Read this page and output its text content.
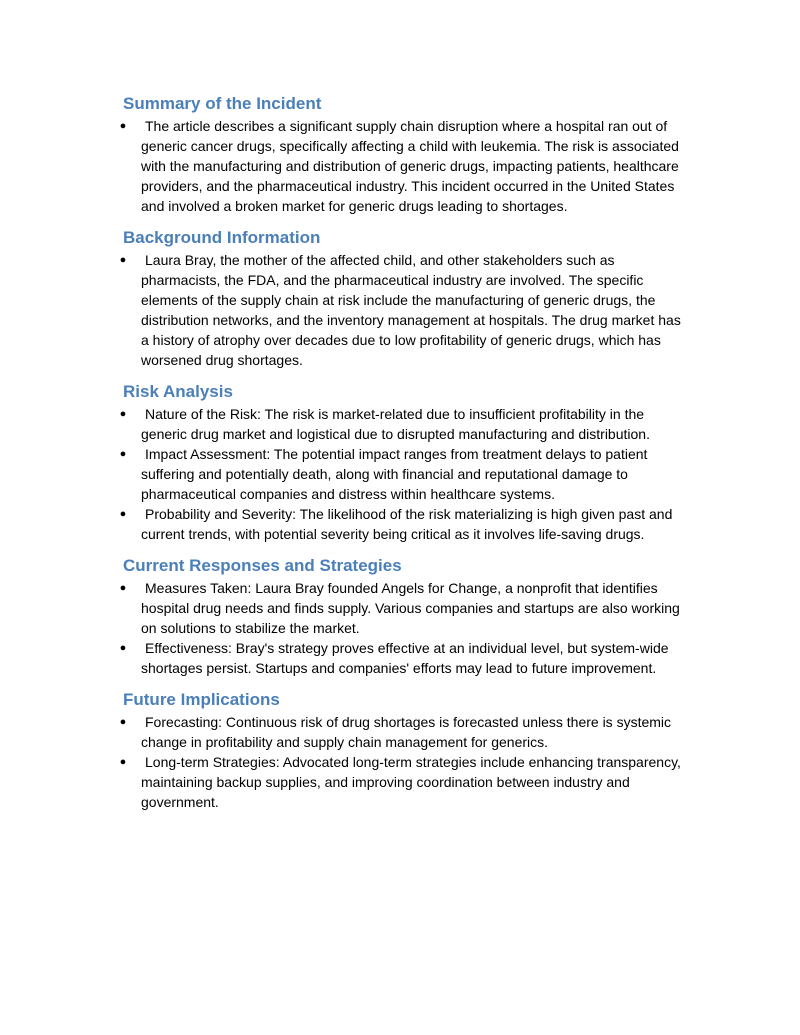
Summary of the Incident
● The article describes a significant supply chain disruption where a hospital ran out of generic cancer drugs, specifically affecting a child with leukemia. The risk is associated with the manufacturing and distribution of generic drugs, impacting patients, healthcare providers, and the pharmaceutical industry. This incident occurred in the United States and involved a broken market for generic drugs leading to shortages.
Background Information
● Laura Bray, the mother of the affected child, and other stakeholders such as pharmacists, the FDA, and the pharmaceutical industry are involved. The specific elements of the supply chain at risk include the manufacturing of generic drugs, the distribution networks, and the inventory management at hospitals. The drug market has a history of atrophy over decades due to low profitability of generic drugs, which has worsened drug shortages.
Risk Analysis
● Nature of the Risk: The risk is market-related due to insufficient profitability in the generic drug market and logistical due to disrupted manufacturing and distribution.
● Impact Assessment: The potential impact ranges from treatment delays to patient suffering and potentially death, along with financial and reputational damage to pharmaceutical companies and distress within healthcare systems.
● Probability and Severity: The likelihood of the risk materializing is high given past and current trends, with potential severity being critical as it involves life-saving drugs.
Current Responses and Strategies
● Measures Taken: Laura Bray founded Angels for Change, a nonprofit that identifies hospital drug needs and finds supply. Various companies and startups are also working on solutions to stabilize the market.
● Effectiveness: Bray's strategy proves effective at an individual level, but system-wide shortages persist. Startups and companies' efforts may lead to future improvement.
Future Implications
● Forecasting: Continuous risk of drug shortages is forecasted unless there is systemic change in profitability and supply chain management for generics.
● Long-term Strategies: Advocated long-term strategies include enhancing transparency, maintaining backup supplies, and improving coordination between industry and government.
